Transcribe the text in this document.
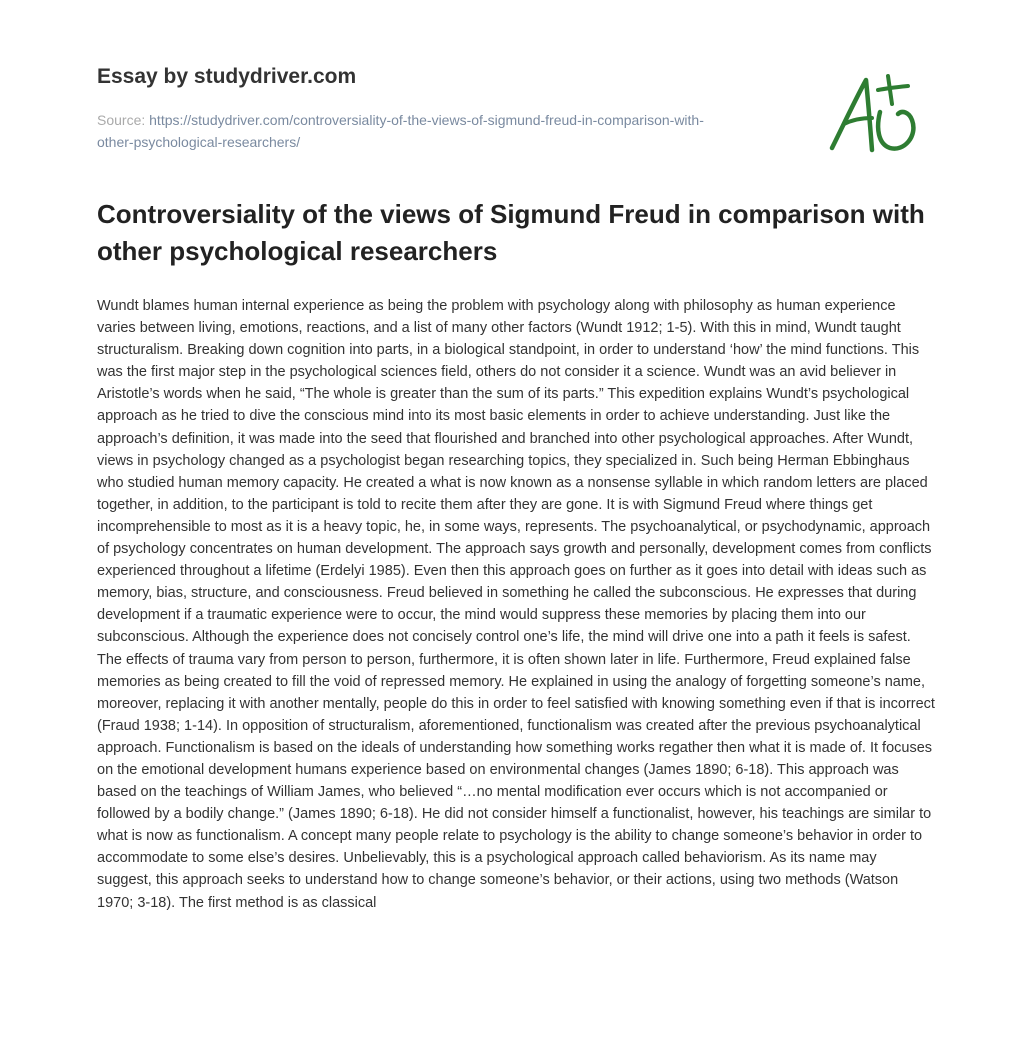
Essay by studydriver.com

Source: https://studydriver.com/controversiality-of-the-views-of-sigmund-freud-in-comparison-with-other-psychological-researchers/

Controversiality of the views of Sigmund Freud in comparison with other psychological researchers

Wundt blames human internal experience as being the problem with psychology along with philosophy as human experience varies between living, emotions, reactions, and a list of many other factors (Wundt 1912; 1-5). With this in mind, Wundt taught structuralism. Breaking down cognition into parts, in a biological standpoint, in order to understand ‘how’ the mind functions. This was the first major step in the psychological sciences field, others do not consider it a science. Wundt was an avid believer in Aristotle’s words when he said, “The whole is greater than the sum of its parts.” This expedition explains Wundt’s psychological approach as he tried to dive the conscious mind into its most basic elements in order to achieve understanding. Just like the approach’s definition, it was made into the seed that flourished and branched into other psychological approaches. After Wundt, views in psychology changed as a psychologist began researching topics, they specialized in. Such being Herman Ebbinghaus who studied human memory capacity. He created a what is now known as a nonsense syllable in which random letters are placed together, in addition, to the participant is told to recite them after they are gone. It is with Sigmund Freud where things get incomprehensible to most as it is a heavy topic, he, in some ways, represents. The psychoanalytical, or psychodynamic, approach of psychology concentrates on human development. The approach says growth and personally, development comes from conflicts experienced throughout a lifetime (Erdelyi 1985). Even then this approach goes on further as it goes into detail with ideas such as memory, bias, structure, and consciousness. Freud believed in something he called the subconscious. He expresses that during development if a traumatic experience were to occur, the mind would suppress these memories by placing them into our subconscious. Although the experience does not concisely control one’s life, the mind will drive one into a path it feels is safest. The effects of trauma vary from person to person, furthermore, it is often shown later in life. Furthermore, Freud explained false memories as being created to fill the void of repressed memory. He explained in using the analogy of forgetting someone’s name, moreover, replacing it with another mentally, people do this in order to feel satisfied with knowing something even if that is incorrect (Fraud 1938; 1-14). In opposition of structuralism, aforementioned, functionalism was created after the previous psychoanalytical approach. Functionalism is based on the ideals of understanding how something works regather then what it is made of. It focuses on the emotional development humans experience based on environmental changes (James 1890; 6-18). This approach was based on the teachings of William James, who believed “…no mental modification ever occurs which is not accompanied or followed by a bodily change.” (James 1890; 6-18). He did not consider himself a functionalist, however, his teachings are similar to what is now as functionalism. A concept many people relate to psychology is the ability to change someone’s behavior in order to accommodate to some else’s desires. Unbelievably, this is a psychological approach called behaviorism. As its name may suggest, this approach seeks to understand how to change someone’s behavior, or their actions, using two methods (Watson 1970; 3-18). The first method is as classical
